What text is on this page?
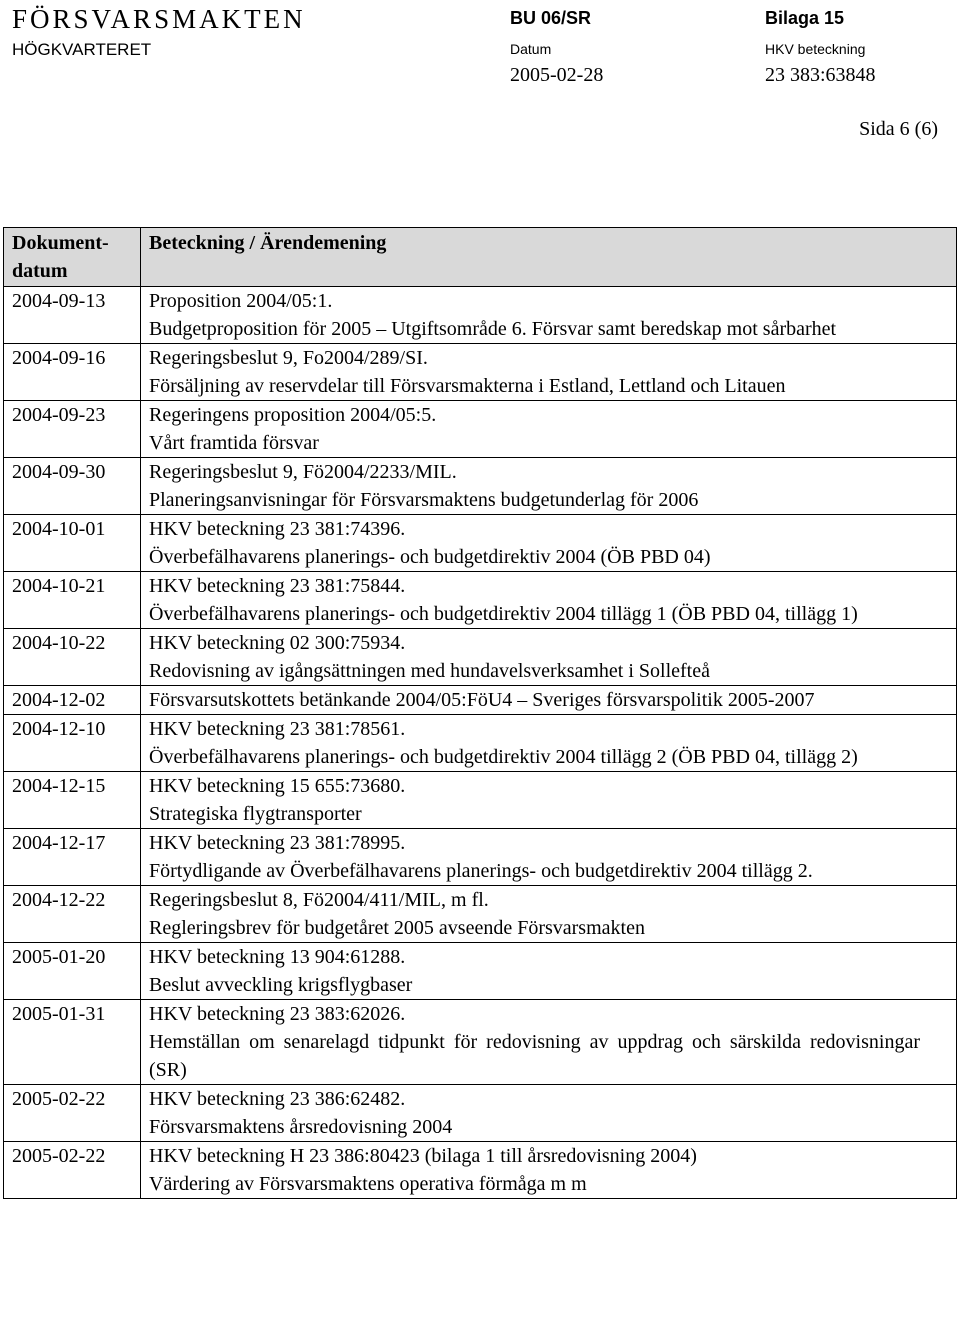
FÖRSVARSMAKTEN
HÖGKVARTERET
BU 06/SR	Bilaga 15
Datum	HKV beteckning
2005-02-28	23 383:63848
Sida 6 (6)
Dokument-
datum	Beteckning / Ärendemening
2004-09-13	Proposition 2004/05:1.
Budgetproposition för 2005 – Utgiftsområde 6. Försvar samt beredskap mot sårbarhet

2004-09-16	Regeringsbeslut 9, Fo2004/289/SI.
Försäljning av reservdelar till Försvarsmakterna i Estland, Lettland och Litauen

2004-09-23	Regeringens proposition 2004/05:5.
Vårt framtida försvar

2004-09-30	Regeringsbeslut 9, Fö2004/2233/MIL.
Planeringsanvisningar för Försvarsmaktens budgetunderlag för 2006

2004-10-01	HKV beteckning 23 381:74396.
Överbefälhavarens planerings- och budgetdirektiv 2004 (ÖB PBD 04)

2004-10-21	HKV beteckning 23 381:75844.
Överbefälhavarens planerings- och budgetdirektiv 2004 tillägg 1 (ÖB PBD 04, tillägg 1)

2004-10-22	HKV beteckning 02 300:75934.
Redovisning av igångsättningen med hundavelsverksamhet i Sollefteå

2004-12-02	Försvarsutskottets betänkande 2004/05:FöU4 – Sveriges försvarspolitik 2005-2007

2004-12-10	HKV beteckning 23 381:78561.
Överbefälhavarens planerings- och budgetdirektiv 2004 tillägg 2 (ÖB PBD 04, tillägg 2)

2004-12-15	HKV beteckning 15 655:73680.
Strategiska flygtransporter

2004-12-17	HKV beteckning 23 381:78995.
Förtydligande av Överbefälhavarens planerings- och budgetdirektiv 2004 tillägg 2.

2004-12-22	Regeringsbeslut 8, Fö2004/411/MIL, m fl.
Regleringsbrev för budgetåret 2005 avseende Försvarsmakten

2005-01-20	HKV beteckning 13 904:61288.
Beslut avveckling krigsflygbaser

2005-01-31	HKV beteckning 23 383:62026.
Hemställan om senarelagd tidpunkt för redovisning av uppdrag och särskilda redovisningar (SR)

2005-02-22	HKV beteckning 23 386:62482.
Försvarsmaktens årsredovisning 2004

2005-02-22	HKV beteckning H 23 386:80423 (bilaga 1 till årsredovisning 2004)
Värdering av Försvarsmaktens operativa förmåga m m
